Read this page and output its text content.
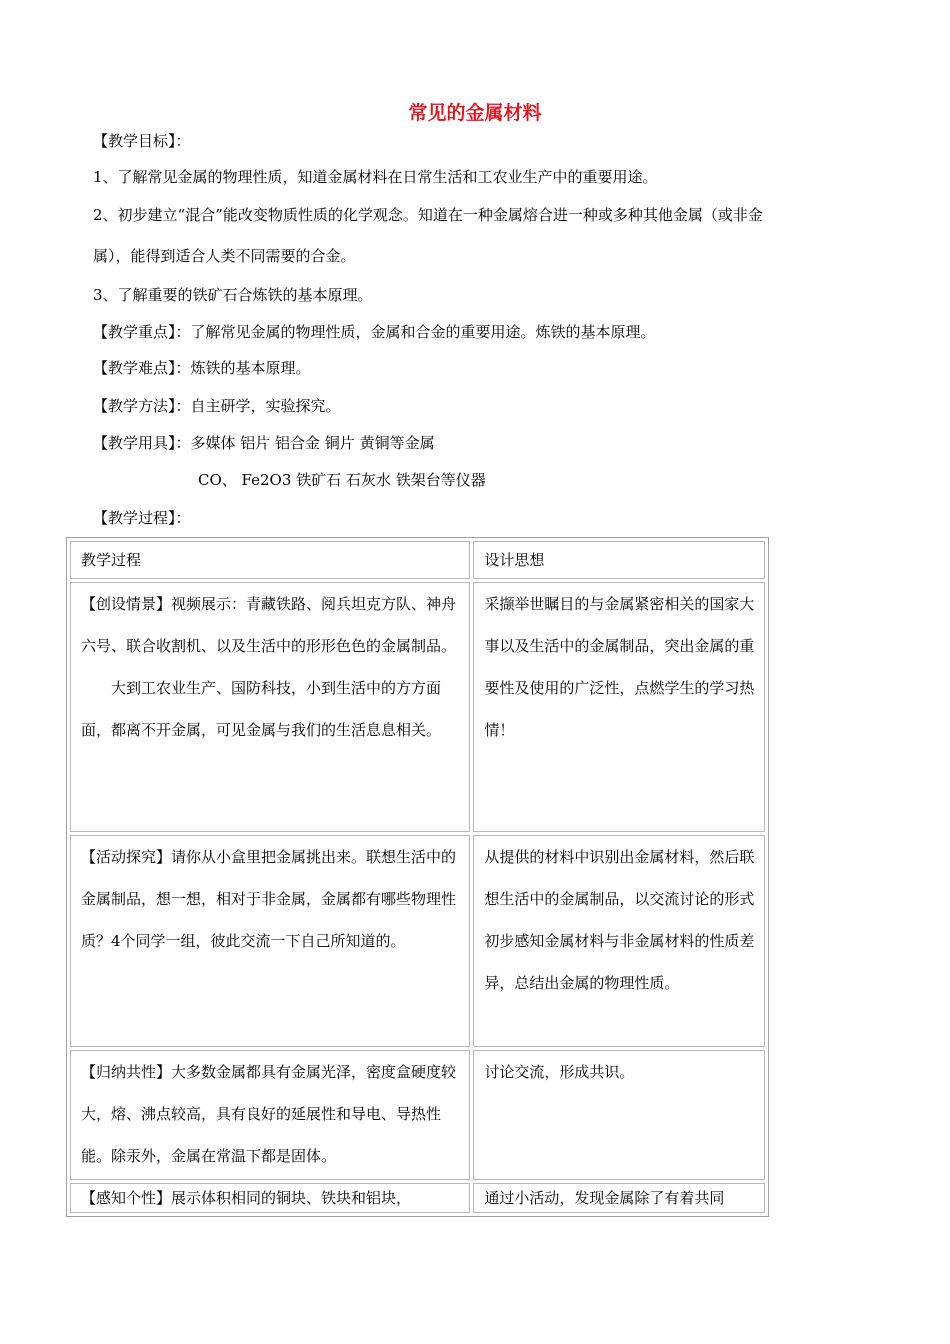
常见的金属材料
【教学目标】：
1、了解常见金属的物理性质，知道金属材料在日常生活和工农业生产中的重要用途。
2、初步建立“混合”能改变物质性质的化学观念。知道在一种金属熔合进一种或多种其他金属（或非金
属），能得到适合人类不同需要的合金。
3、了解重要的铁矿石合炼铁的基本原理。
【教学重点】：了解常见金属的物理性质，金属和合金的重要用途。炼铁的基本原理。
【教学难点】：炼铁的基本原理。
【教学方法】：自主研学，实验探究。
【教学用具】：多媒体 铝片 铝合金 铜片 黄铜等金属
CO、 Fe2O3 铁矿石 石灰水 铁架台等仪器
【教学过程】：
教学过程	设计思想

【创设情景】视频展示：青藏铁路、阅兵坦克方队、神舟六号、联合收割机、以及生活中的形形色色的金属制品。

大到工农业生产、国防科技，小到生活中的方方面面，都离不开金属，可见金属与我们的生活息息相关。	采撷举世瞩目的与金属紧密相关的国家大事以及生活中的金属制品，突出金属的重要性及使用的广泛性，点燃学生的学习热情！

【活动探究】请你从小盒里把金属挑出来。联想生活中的金属制品，想一想，相对于非金属，金属都有哪些物理性质？4个同学一组，彼此交流一下自己所知道的。	从提供的材料中识别出金属材料，然后联想生活中的金属制品，以交流讨论的形式初步感知金属材料与非金属材料的性质差异，总结出金属的物理性质。

【归纳共性】大多数金属都具有金属光泽，密度盒硬度较大，熔、沸点较高，具有良好的延展性和导电、导热性能。除汞外，金属在常温下都是固体。	讨论交流，形成共识。

【感知个性】展示体积相同的铜块、铁块和铝块，	通过小活动，发现金属除了有着共同
